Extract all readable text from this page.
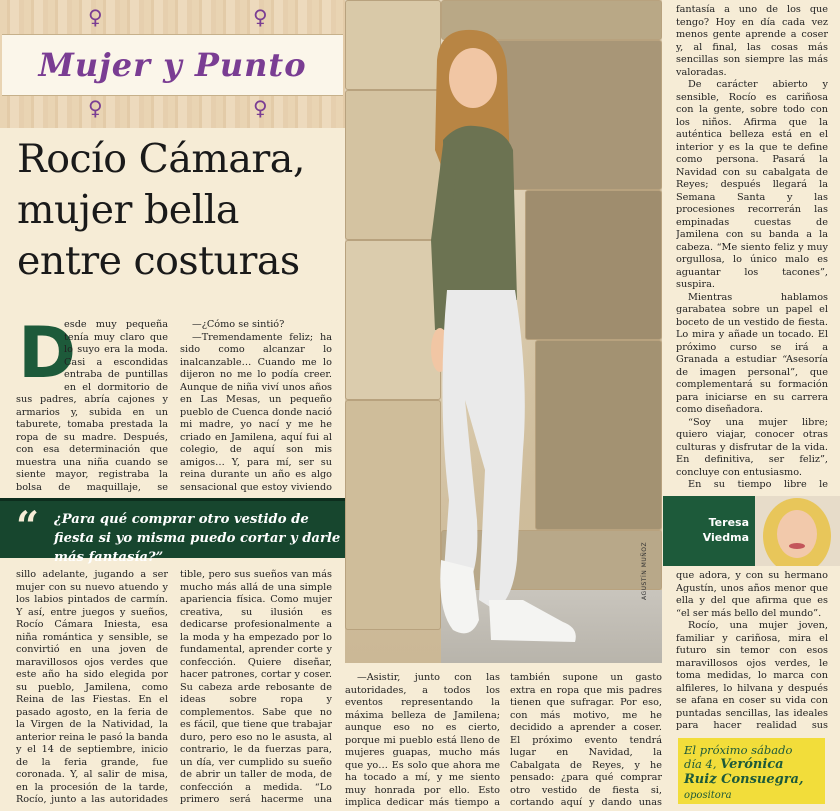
♀	♀
♀	♀
Mujer y Punto
Rocío Cámara, mujer bella entre costuras
D

esde muy pequeña tenía muy claro que lo suyo era la moda. Casi a escondidas entraba de puntillas en el dormitorio de sus padres, abría cajones y armarios y, subida en un taburete, tomaba prestada la ropa de su madre. Después, con esa determinación que muestra una niña cuando se siente mayor, registraba la bolsa de maquillaje, se

—¿Cómo se sintió?

—Tremendamente feliz; ha sido como alcanzar lo inalcanzable… Cuando me lo dijeron no me lo podía creer. Aunque de niña viví unos años en Las Mesas, un pequeño pueblo de Cuenca donde nació mi madre, yo nací y me he criado en Jamilena, aquí fui al colegio, de aquí son mis amigos… Y, para mí, ser su reina durante un año es algo sensacional que estoy viviendo

“ ¿Para qué comprar otro vestido de fiesta si yo misma puedo cortar y darle más fantasía?”

sillo adelante, jugando a ser mujer con su nuevo atuendo y los labios pintados de carmín. Y así, entre juegos y sueños, Rocío Cámara Iniesta, esa niña romántica y sensible, se convirtió en una joven de maravillosos ojos verdes que este año ha sido elegida por su pueblo, Jamilena, como Reina de las Fiestas. En el pasado agosto, en la feria de la Virgen de la Natividad, la anterior reina le pasó la banda y el 14 de septiembre, inicio de la feria grande, fue coronada. Y, al salir de misa, en la procesión de la tarde, Rocío, junto a las autoridades

tible, pero sus sueños van más mucho más allá de una simple apariencia física. Como mujer creativa, su ilusión es dedicarse profesionalmente a la moda y ha empezado por lo fundamental, aprender corte y confección. Quiere diseñar, hacer patrones, cortar y coser. Su cabeza arde rebosante de ideas sobre ropa y complementos. Sabe que no es fácil, que tiene que trabajar duro, pero eso no le asusta, al contrario, le da fuerzas para, un día, ver cumplido su sueño de abrir un taller de moda, de confección a medida. “Lo primero será hacerme una

AGUSTÍN MUÑOZ

—Asistir, junto con las autoridades, a todos los eventos representando la máxima belleza de Jamilena; aunque eso no es cierto, porque mi pueblo está lleno de mujeres guapas, mucho más que yo… Es solo que ahora me ha tocado a mí, y me siento muy honrada por ello. Esto implica dedicar más tiempo a

también supone un gasto extra en ropa que mis padres tienen que sufragar. Por eso, con más motivo, me he decidido a aprender a coser. El próximo evento tendrá lugar en Navidad, la Cabalgata de Reyes, y he pensado: ¿para qué comprar otro vestido de fiesta si, cortando aquí y dando unas

fantasía a uno de los que tengo? Hoy en día cada vez menos gente aprende a coser y, al final, las cosas más sencillas son siempre las más valoradas.

De carácter abierto y sensible, Rocío es cariñosa con la gente, sobre todo con los niños. Afirma que la auténtica belleza está en el interior y es la que te define como persona. Pasará la Navidad con su cabalgata de Reyes; después llegará la Semana Santa y las procesiones recorrerán las empinadas cuestas de Jamilena con su banda a la cabeza. “Me siento feliz y muy orgullosa, lo único malo es aguantar los tacones”, suspira.

Mientras hablamos garabatea sobre un papel el boceto de un vestido de fiesta. Lo mira y añade un tocado. El próximo curso se irá a Granada a estudiar “Asesoría de imagen personal”, que complementará su formación para iniciarse en su carrera como diseñadora.

“Soy una mujer libre; quiero viajar, conocer otras culturas y disfrutar de la vida. En definitiva, ser feliz”, concluye con entusiasmo.

En su tiempo libre le

Teresa
Viedma

que adora, y con su hermano Agustín, unos años menor que ella y del que afirma que es “el ser más bello del mundo”.

Rocío, una mujer joven, familiar y cariñosa, mira el futuro sin temor con esos maravillosos ojos verdes, le toma medidas, lo marca con alfileres, lo hilvana y después se afana en coser su vida con puntadas sencillas, las ideales para hacer realidad sus

El próximo sábado
día 4, Verónica Ruiz Consuegra, opositora
